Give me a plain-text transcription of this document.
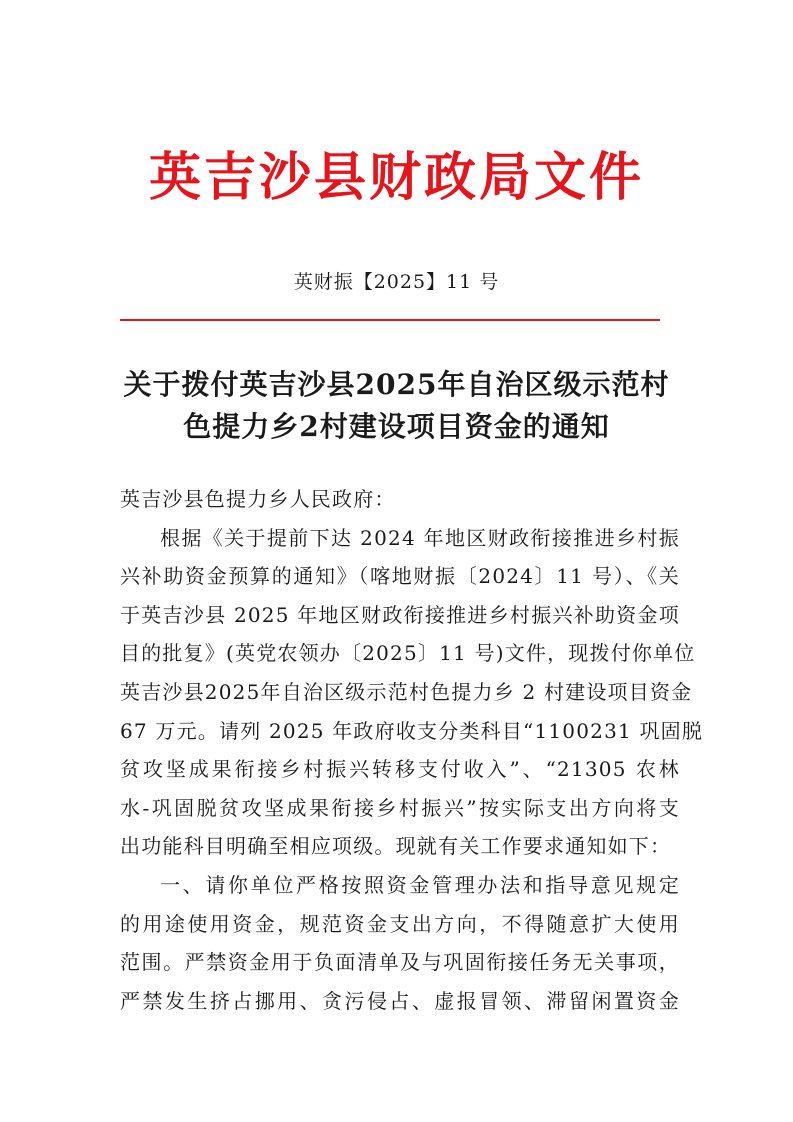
英吉沙县财政局文件
英财振【2025】11 号
关于拨付英吉沙县2025年自治区级示范村
色提力乡2村建设项目资金的通知
英吉沙县色提力乡人民政府：
根据《关于提前下达 2024 年地区财政衔接推进乡村振
兴补助资金预算的通知》（喀地财振〔2024〕11 号）、《关
于英吉沙县 2025 年地区财政衔接推进乡村振兴补助资金项
目的批复》(英党农领办〔2025〕11 号)文件，现拨付你单位
英吉沙县2025年自治区级示范村色提力乡 2 村建设项目资金
67 万元。请列 2025 年政府收支分类科目“1100231 巩固脱
贫攻坚成果衔接乡村振兴转移支付收入”、“21305 农林
水-巩固脱贫攻坚成果衔接乡村振兴”按实际支出方向将支
出功能科目明确至相应项级。现就有关工作要求通知如下：
一、请你单位严格按照资金管理办法和指导意见规定
的用途使用资金，规范资金支出方向，不得随意扩大使用
范围。严禁资金用于负面清单及与巩固衔接任务无关事项，
严禁发生挤占挪用、贪污侵占、虚报冒领、滞留闲置资金
